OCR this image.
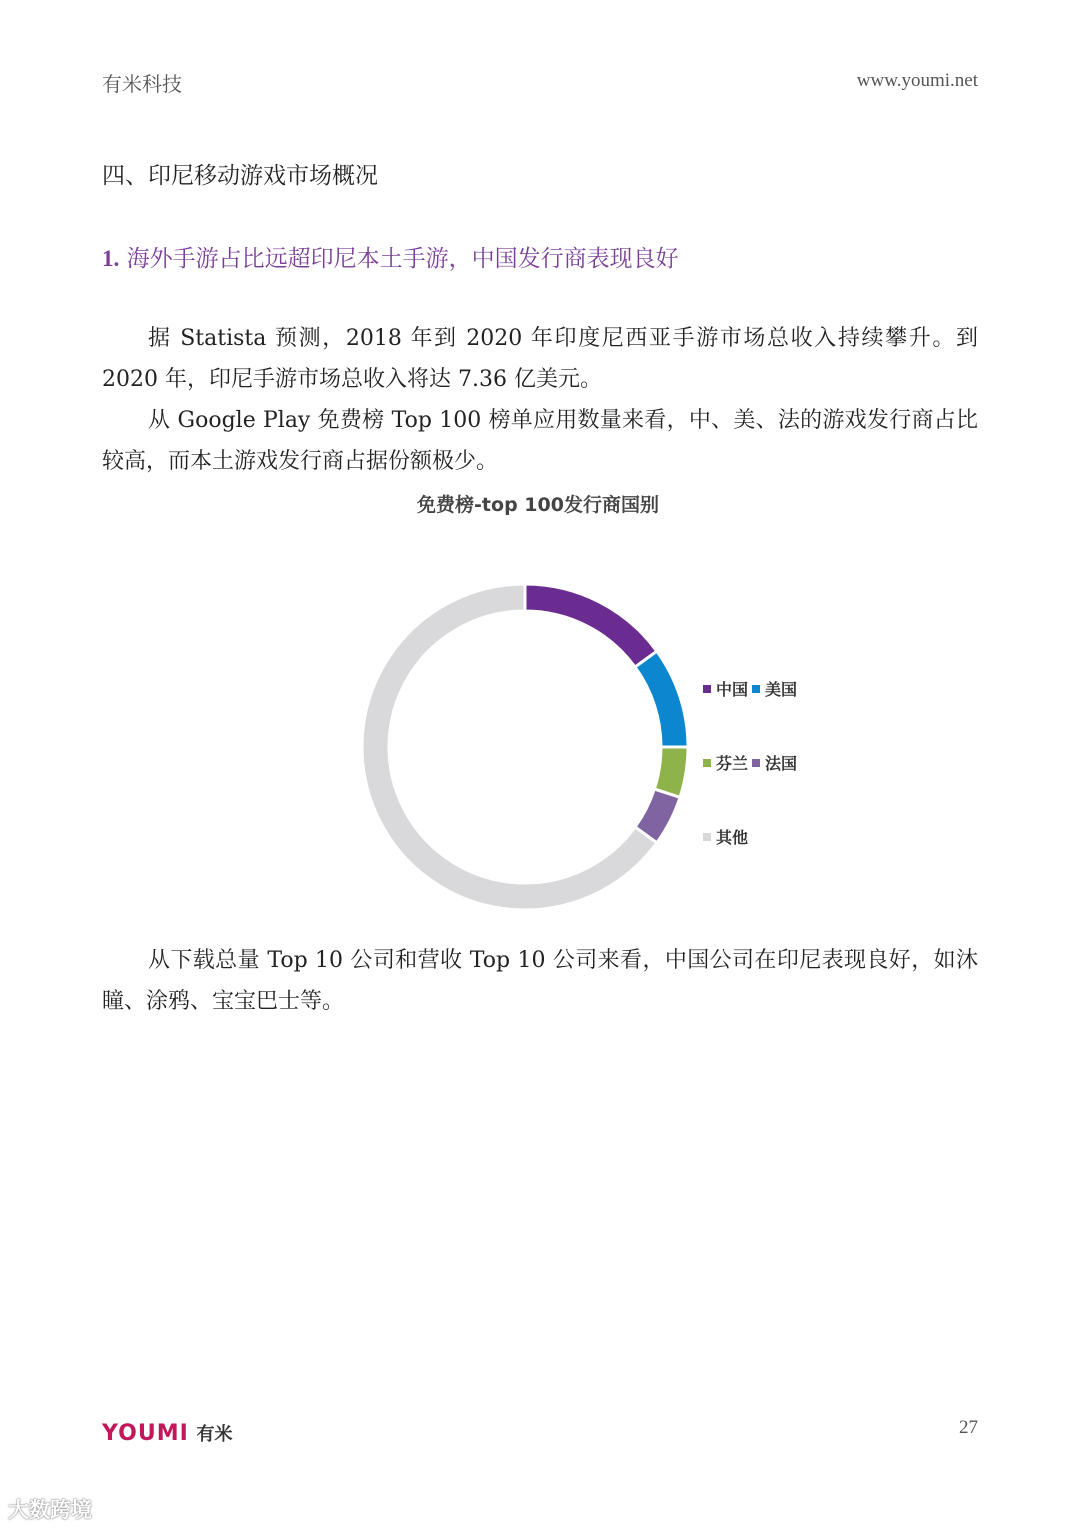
有米科技	www.youmi.net
四、印尼移动游戏市场概况
1. 海外手游占比远超印尼本土手游，中国发行商表现良好
据 Statista 预测，2018 年到 2020 年印度尼西亚手游市场总收入持续攀升。到 2020 年，印尼手游市场总收入将达 7.36 亿美元。
从 Google Play 免费榜 Top 100 榜单应用数量来看，中、美、法的游戏发行商占比较高，而本土游戏发行商占据份额极少。
免费榜-top 100发行商国别
中国 美国
芬兰 法国
其他
从下载总量 Top 10 公司和营收 Top 10 公司来看，中国公司在印尼表现良好，如沐瞳、涂鸦、宝宝巴士等。
YOUMI 有米	27
大数跨境
